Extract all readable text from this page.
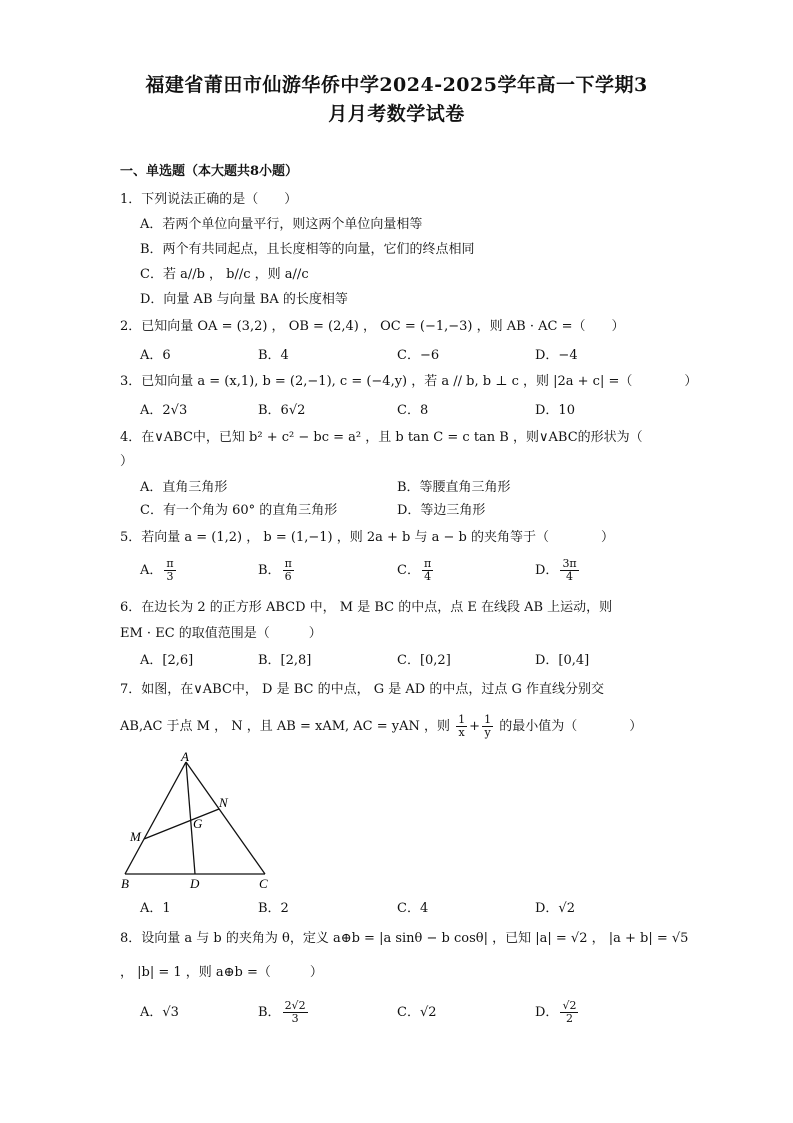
福建省莆田市仙游华侨中学2024-2025学年高一下学期3
月月考数学试卷
一、单选题（本大题共8小题）
1．下列说法正确的是（　　）
A．若两个单位向量平行，则这两个单位向量相等
B．两个有共同起点，且长度相等的向量，它们的终点相同
C．若 a//b ， b//c ，则 a//c
D．向量 AB 与向量 BA 的长度相等
2．已知向量 OA = (3,2) ， OB = (2,4) ， OC = (−1,−3) ，则 AB · AC =（　　）
A．6	B．4	C．−6	D．−4
3．已知向量 a = (x,1), b = (2,−1), c = (−4,y) ，若 a // b, b ⊥ c ，则 |2a + c| =（　　　　）
A．2√3	B．6√2	C．8	D．10
4．在∨ABC中，已知 b² + c² − bc = a² ，且 b tan C = c tan B ，则∨ABC的形状为（
）
A．直角三角形	B．等腰直角三角形
C．有一个角为 60° 的直角三角形	D．等边三角形
5．若向量 a = (1,2) ， b = (1,−1) ，则 2a + b 与 a − b 的夹角等于（　　　　）
A． $\frac{\pi}{3}$	B． $\frac{\pi}{6}$	C． $\frac{\pi}{4}$	D． $\frac{3\pi}{4}$
6．在边长为 2 的正方形 ABCD 中， M 是 BC 的中点，点 E 在线段 AB 上运动，则
EM · EC 的取值范围是（　　　）
A．[2,6]	B．[2,8]	C．[0,2]	D．[0,4]
7．如图，在∨ABC中， D 是 BC 的中点， G 是 AD 的中点，过点 G 作直线分别交
AB,AC 于点 M ， N ，且 AB = xAM, AC = yAN ，则 $\frac{1}{x} + \frac{1}{y}$ 的最小值为（　　　　）
A
B	C
D
G
M
N
A．1	B．2	C．4	D．√2
8．设向量 a 与 b 的夹角为 θ，定义 a⊕b = |a sinθ − b cosθ| ，已知 |a| = √2 ， |a + b| = √5
， |b| = 1 ，则 a⊕b =（　　　）
A．√3	B． $\frac{2√2}{3}$	C．√2	D． $\frac{√2}{2}$
